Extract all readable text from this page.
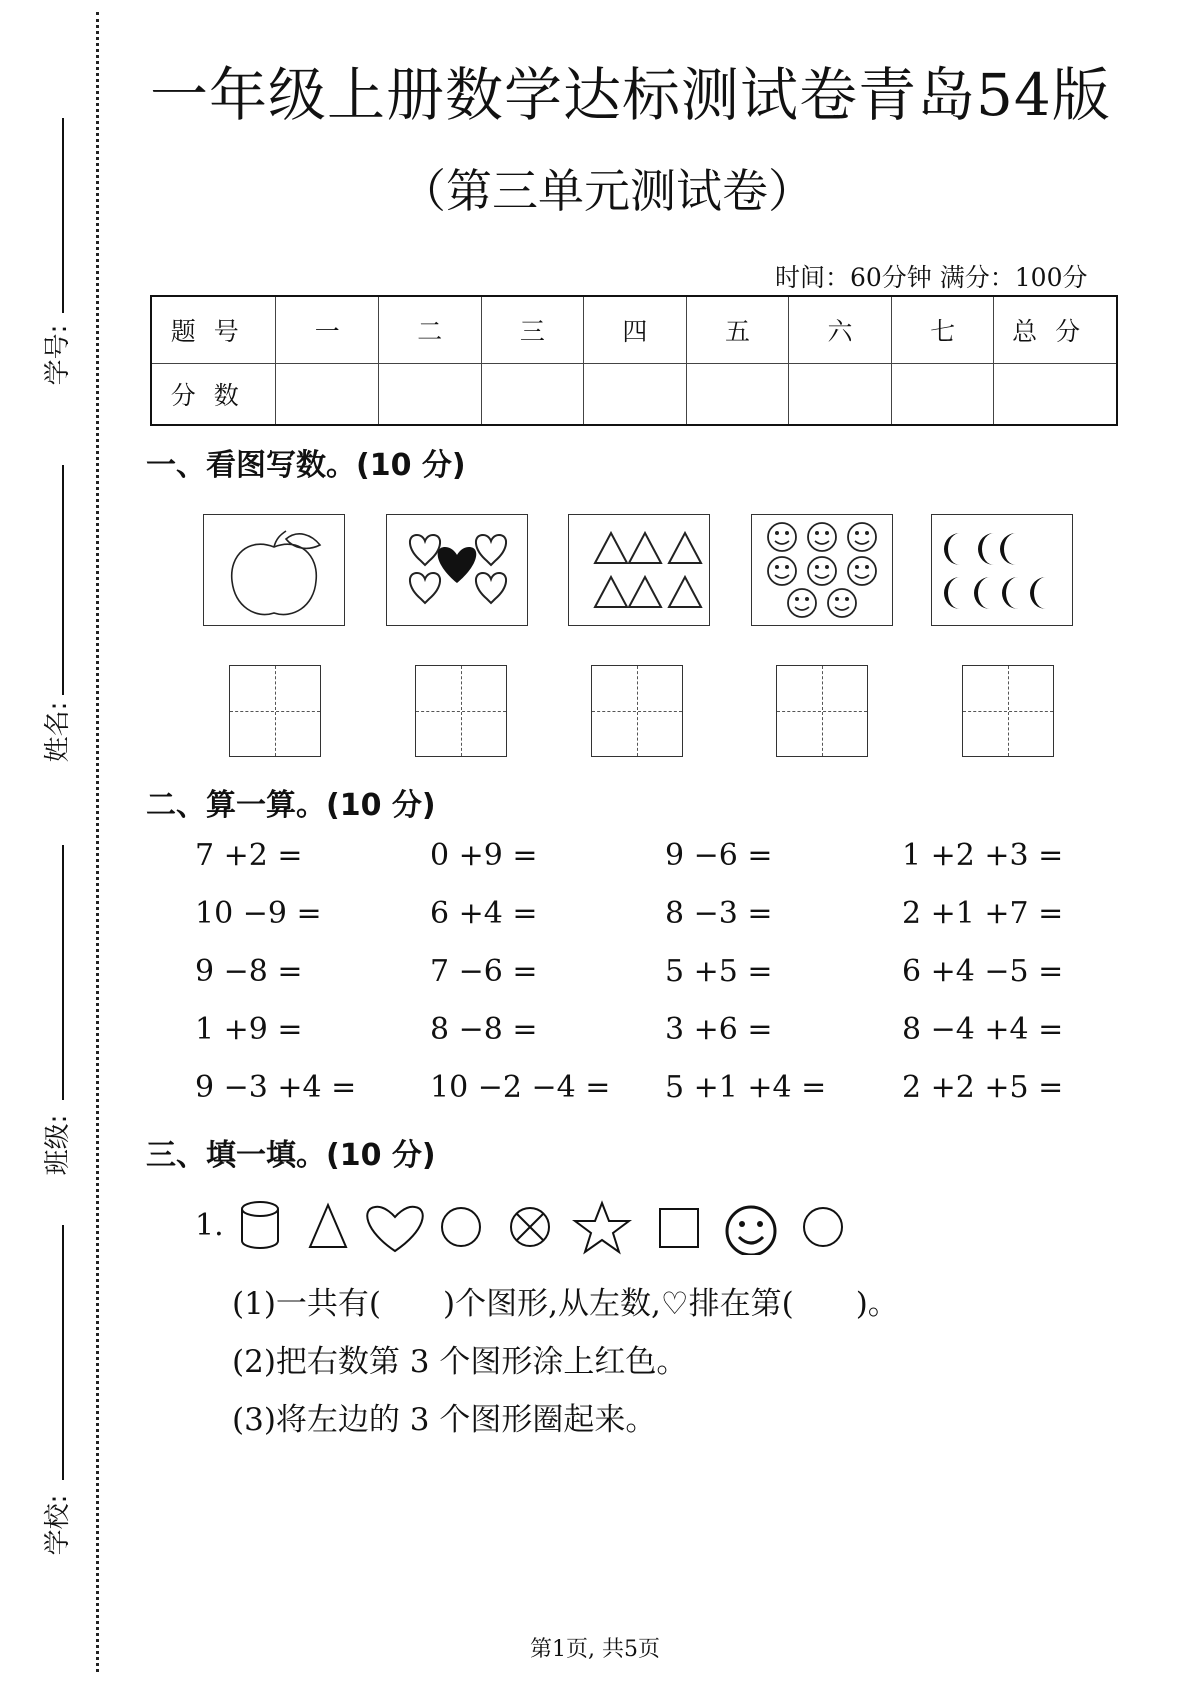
学号:
姓名:
班级:
学校:
一年级上册数学达标测试卷青岛54版
（第三单元测试卷）
时间：60分钟 满分：100分
题号	一	二	三	四	五	六	七	总分
分数								
一、看图写数。(10 分)
二、算一算。(10 分)
7 +2 =	0 +9 =	9 −6 =	1 +2 +3 =
10 −9 =	6 +4 =	8 −3 =	2 +1 +7 =
9 −8 =	7 −6 =	5 +5 =	6 +4 −5 =
1 +9 =	8 −8 =	3 +6 =	8 −4 +4 =
9 −3 +4 = 10 −2 −4 = 5 +1 +4 =	2 +2 +5 =
三、填一填。(10 分)
1.
(1)一共有(　　)个图形,从左数,♡排在第(　　)。
(2)把右数第 3 个图形涂上红色。
(3)将左边的 3 个图形圈起来。
第1页, 共5页
